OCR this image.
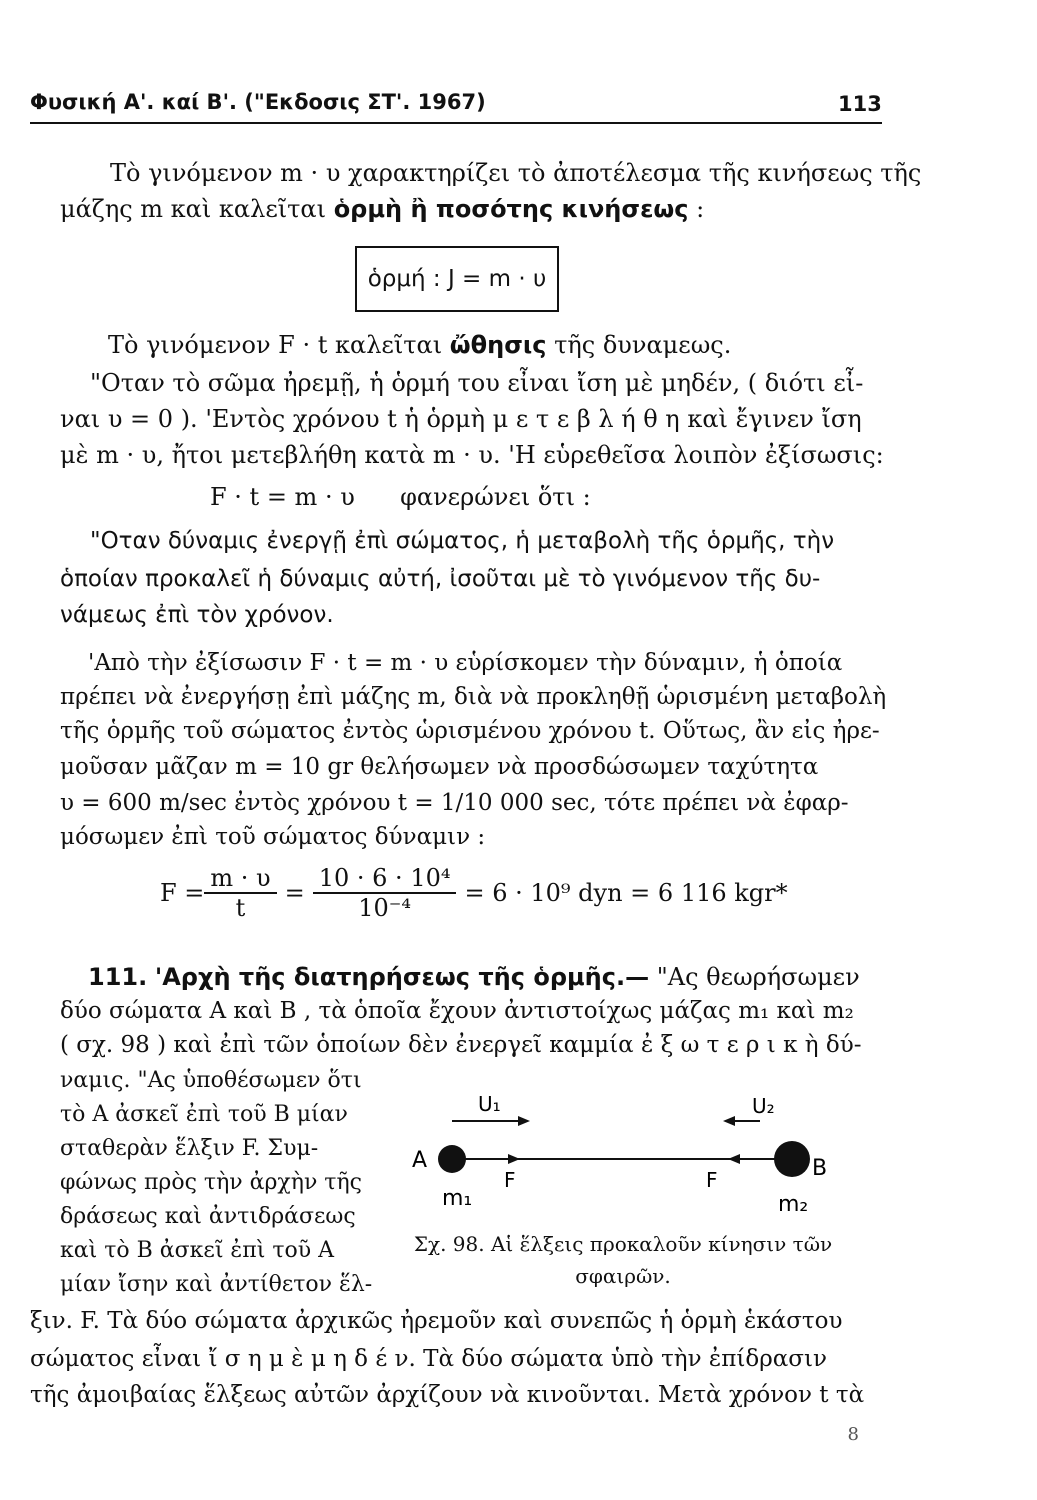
Φυσική Α'. καί Β'. ("Εκδοσις ΣΤ'. 1967)	113
Τὸ γινόμενον m · υ χαρακτηρίζει τὸ ἀποτέλεσμα τῆς κινήσεως τῆς
μάζης m καὶ καλεῖται ὁρμὴ ἢ ποσότης κινήσεως :
ὁρμή : J = m · υ
Τὸ γινόμενον F · t καλεῖται ὤθησις τῆς δυναμεως.
"Οταν τὸ σῶμα ἠρεμῇ, ἡ ὁρμή του εἶναι ἴση μὲ μηδέν, ( διότι εἶ-
ναι υ = 0 ). 'Εντὸς χρόνου t ἡ ὁρμὴ μ ε τ ε β λ ή θ η καὶ ἔγινεν ἴση
μὲ m · υ, ἤτοι μετεβλήθη κατὰ m · υ. 'Η εὑρεθεῖσα λοιπὸν ἐξίσωσις:
F · t = m · υ φανερώνει ὅτι :
"Οταν δύναμις ἐνεργῇ ἐπὶ σώματος, ἡ μεταβολὴ τῆς ὁρμῆς, τὴν
ὁποίαν προκαλεῖ ἡ δύναμις αὐτή, ἰσοῦται μὲ τὸ γινόμενον τῆς δυ-
νάμεως ἐπὶ τὸν χρόνον.
'Απὸ τὴν ἐξίσωσιν F · t = m · υ εὑρίσκομεν τὴν δύναμιν, ἡ ὁποία
πρέπει νὰ ἐνεργήσῃ ἐπὶ μάζης m, διὰ νὰ προκληθῇ ὡρισμένη μεταβολὴ
τῆς ὁρμῆς τοῦ σώματος ἐντὸς ὡρισμένου χρόνου t. Οὕτως, ἂν εἰς ἠρε-
μοῦσαν μᾶζαν m = 10 gr θελήσωμεν νὰ προσδώσωμεν ταχύτητα
υ = 600 m/sec ἐντὸς χρόνου t = 1/10 000 sec, τότε πρέπει νὰ ἐφαρ-
μόσωμεν ἐπὶ τοῦ σώματος δύναμιν :
$F = \frac{m \cdot \upsilon}{t} = \frac{\text{10 · 6 · 10⁴}}{\text{10⁻⁴}} = 6 \cdot 10^9$ dyn = 6 116 kgr*
111. 'Αρχὴ τῆς διατηρήσεως τῆς ὁρμῆς.— "Ας θεωρήσωμεν
δύο σώματα Α καὶ Β , τὰ ὁποῖα ἔχουν ἀντιστοίχως μάζας m₁ καὶ m₂
( σχ. 98 ) καὶ ἐπὶ τῶν ὁποίων δὲν ἐνεργεῖ καμμία ἐ ξ ω τ ε ρ ι κ ὴ δύ-
ναμις. "Ας ὑποθέσωμεν ὅτι
τὸ Α ἀσκεῖ ἐπὶ τοῦ Β μίαν
σταθερὰν ἕλξιν F. Συμ-
φώνως πρὸς τὴν ἀρχὴν τῆς
δράσεως καὶ ἀντιδράσεως
καὶ τὸ Β ἀσκεῖ ἐπὶ τοῦ Α
μίαν ἴσην καὶ ἀντίθετον ἕλ-
U₁	U₂
A	B
F	F
m₁	m₂
Σχ. 98. Αἱ ἕλξεις προκαλοῦν κίνησιν τῶν
σφαιρῶν.
ξιν. F. Τὰ δύο σώματα ἀρχικῶς ἠρεμοῦν καὶ συνεπῶς ἡ ὁρμὴ ἑκάστου
σώματος εἶναι ἴ σ η μ ὲ μ η δ έ ν. Τὰ δύο σώματα ὑπὸ τὴν ἐπίδρασιν
τῆς ἀμοιβαίας ἕλξεως αὐτῶν ἀρχίζουν νὰ κινοῦνται. Μετὰ χρόνον t τὰ
8
